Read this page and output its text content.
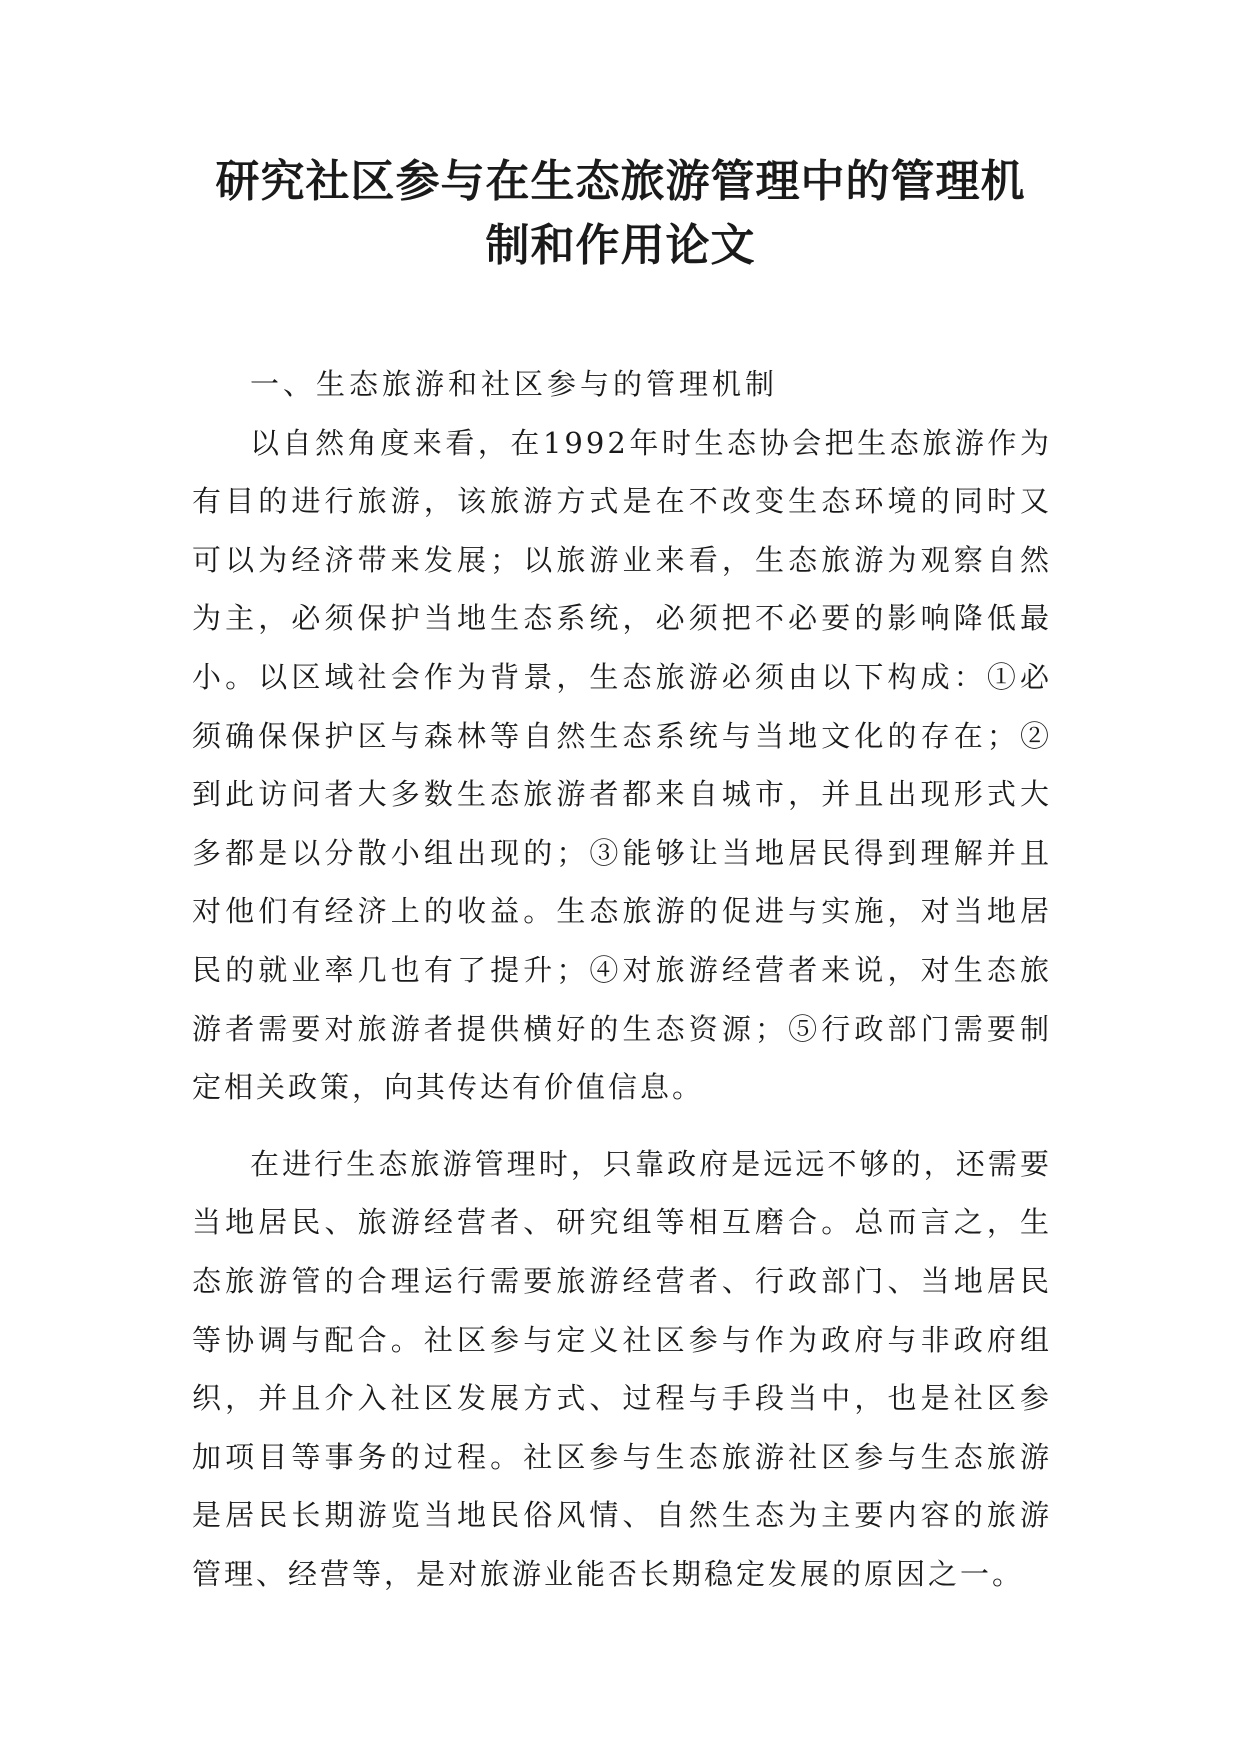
研究社区参与在生态旅游管理中的管理机
制和作用论文

一、生态旅游和社区参与的管理机制

以自然角度来看，在1992年时生态协会把生态旅游作为有目的进行旅游，该旅游方式是在不改变生态环境的同时又可以为经济带来发展；以旅游业来看，生态旅游为观察自然为主，必须保护当地生态系统，必须把不必要的影响降低最小。以区域社会作为背景，生态旅游必须由以下构成：①必须确保保护区与森林等自然生态系统与当地文化的存在；②到此访问者大多数生态旅游者都来自城市，并且出现形式大多都是以分散小组出现的；③能够让当地居民得到理解并且对他们有经济上的收益。生态旅游的促进与实施，对当地居民的就业率几也有了提升；④对旅游经营者来说，对生态旅游者需要对旅游者提供横好的生态资源；⑤行政部门需要制定相关政策，向其传达有价值信息。

在进行生态旅游管理时，只靠政府是远远不够的，还需要当地居民、旅游经营者、研究组等相互磨合。总而言之，生态旅游管的合理运行需要旅游经营者、行政部门、当地居民等协调与配合。社区参与定义社区参与作为政府与非政府组织，并且介入社区发展方式、过程与手段当中，也是社区参加项目等事务的过程。社区参与生态旅游社区参与生态旅游是居民长期游览当地民俗风情、自然生态为主要内容的旅游管理、经营等，是对旅游业能否长期稳定发展的原因之一。
